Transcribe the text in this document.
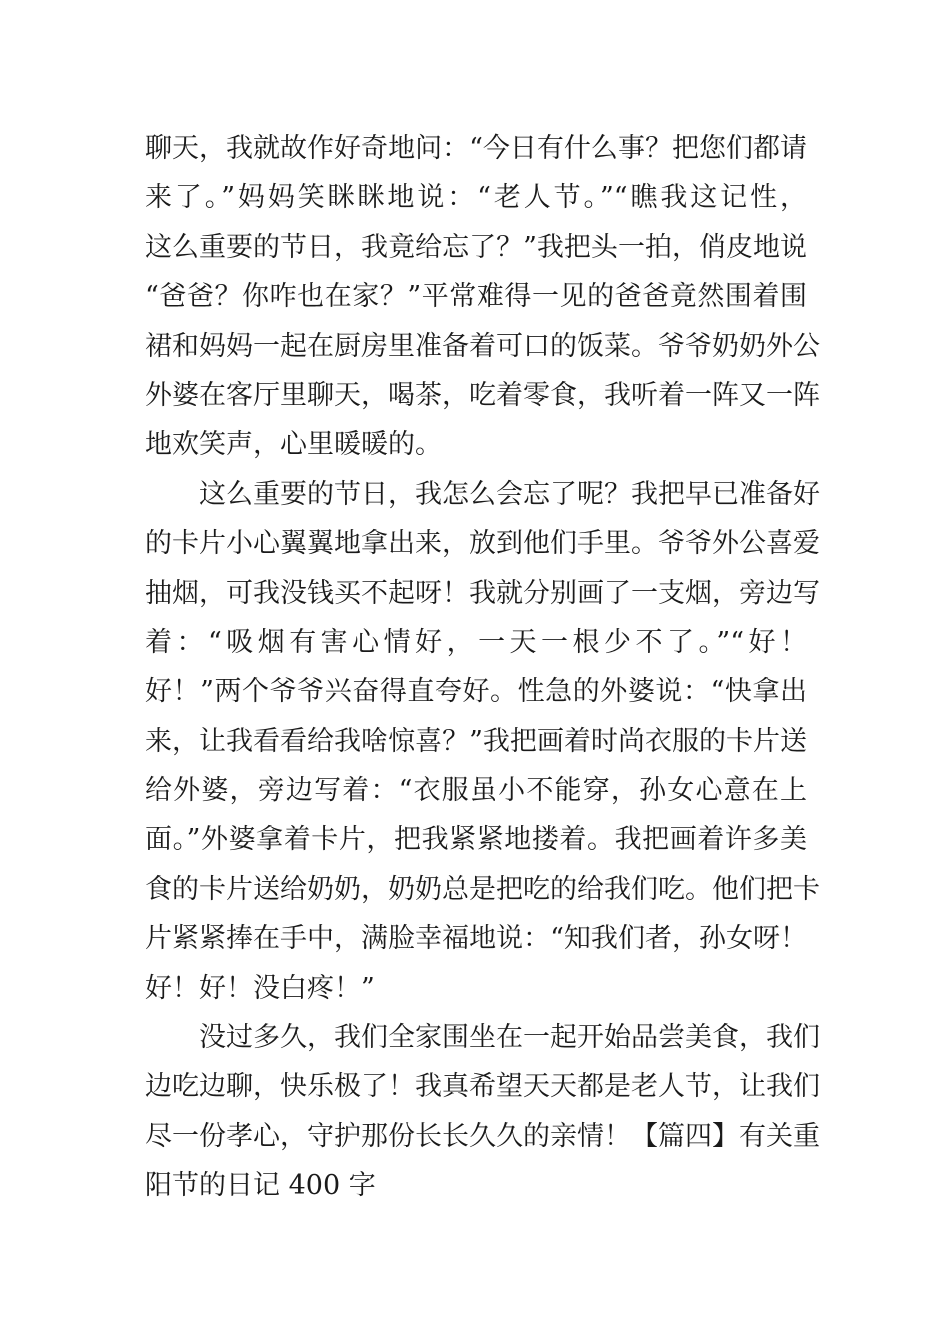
聊天，我就故作好奇地问：“今日有什么事？把您们都请
来了。”妈妈笑眯眯地说：“老人节。”“瞧我这记性，
这么重要的节日，我竟给忘了？”我把头一拍，俏皮地说
“爸爸？你咋也在家？”平常难得一见的爸爸竟然围着围
裙和妈妈一起在厨房里准备着可口的饭菜。爷爷奶奶外公
外婆在客厅里聊天，喝茶，吃着零食，我听着一阵又一阵
地欢笑声，心里暖暖的。
这么重要的节日，我怎么会忘了呢？我把早已准备好
的卡片小心翼翼地拿出来，放到他们手里。爷爷外公喜爱
抽烟，可我没钱买不起呀！我就分别画了一支烟，旁边写
着：“吸烟有害心情好，一天一根少不了。”“好！
好！”两个爷爷兴奋得直夸好。性急的外婆说：“快拿出
来，让我看看给我啥惊喜？”我把画着时尚衣服的卡片送
给外婆，旁边写着：“衣服虽小不能穿，孙女心意在上
面。”外婆拿着卡片，把我紧紧地搂着。我把画着许多美
食的卡片送给奶奶，奶奶总是把吃的给我们吃。他们把卡
片紧紧捧在手中，满脸幸福地说：“知我们者，孙女呀！
好！好！没白疼！”
没过多久，我们全家围坐在一起开始品尝美食，我们
边吃边聊，快乐极了！我真希望天天都是老人节，让我们
尽一份孝心，守护那份长长久久的亲情！【篇四】有关重
阳节的日记 400 字
